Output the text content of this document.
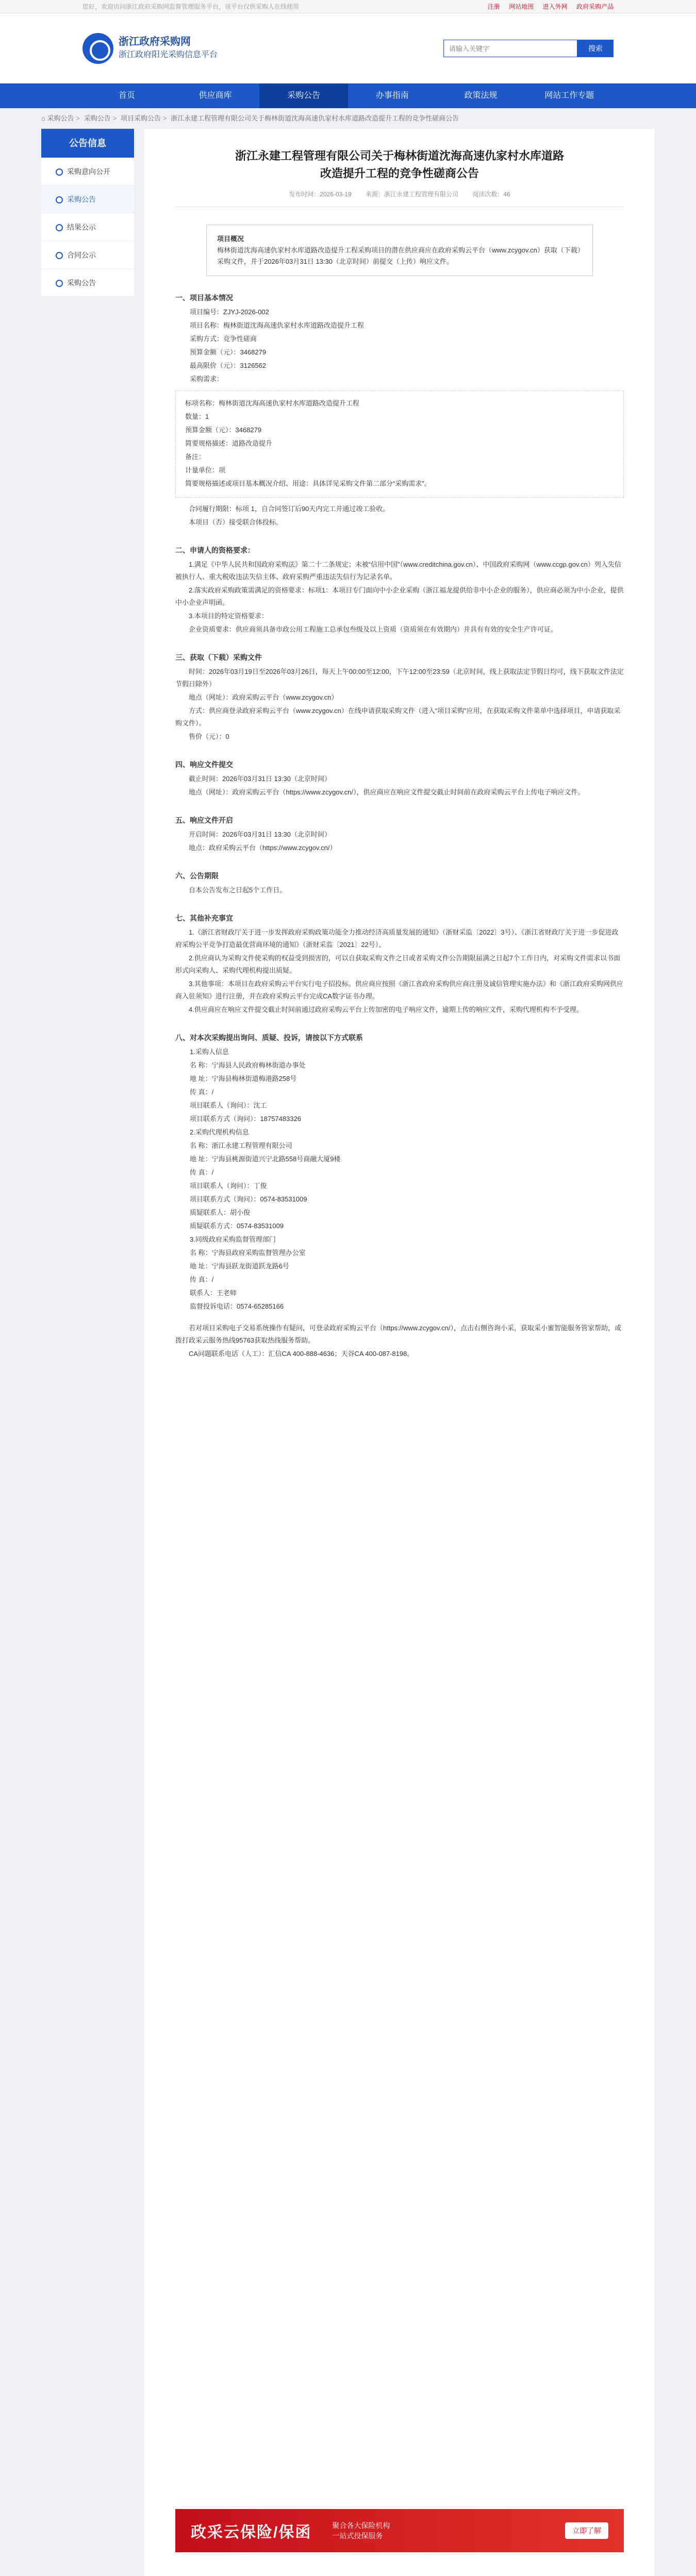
您好，欢迎访问浙江政府采购网监督管理服务平台，该平台仅供采购人在线使用	注册 网站地图 进入外网 政府采购产品
浙江政府采购网
浙江政府阳光采购信息平台
请输入关键字
搜索
首页	供应商库	采购公告	办事指南	政策法规	网站工作专题
⌂ 采购公告 > 采购公告 > 项目采购公告 > 浙江永建工程管理有限公司关于梅林街道沈海高速仇家村水库道路改造提升工程的竞争性磋商公告
公告信息
采购意向公开
采购公告
结果公示
合同公示
采购公告
浙江永建工程管理有限公司关于梅林街道沈海高速仇家村水库道路改造提升工程的竞争性磋商公告
发布时间：2026-03-19 来源：浙江永建工程管理有限公司 阅读次数：46
项目概况
梅林街道沈海高速仇家村水库道路改造提升工程采购项目的潜在供应商应在政府采购云平台（www.zcygov.cn）获取（下载）采购文件，并于2026年03月31日 13:30（北京时间）前提交（上传）响应文件。
一、项目基本情况

项目编号：ZJYJ-2026-002

项目名称：梅林街道沈海高速仇家村水库道路改造提升工程

采购方式：竞争性磋商

预算金额（元）：3468279

最高限价（元）：3126562

采购需求：

标项名称：梅林街道沈海高速仇家村水库道路改造提升工程

数量：1

预算金额（元）：3468279

简要规格描述：道路改造提升

备注：

计量单位：项

简要规格描述或项目基本概况介绍、用途：具体详见采购文件第二部分“采购需求”。

合同履行期限：标项 1，自合同签订后90天内完工并通过竣工验收。

本项目（否）接受联合体投标。

二、申请人的资格要求：

1.满足《中华人民共和国政府采购法》第二十二条规定；未被“信用中国”（www.creditchina.gov.cn）、中国政府采购网（www.ccgp.gov.cn）列入失信被执行人、重大税收违法失信主体、政府采购严重违法失信行为记录名单。

2.落实政府采购政策需满足的资格要求：标项1：本项目专门面向中小企业采购（浙江福龙提供给非中小企业的服务），供应商必须为中小企业，提供中小企业声明函。

3.本项目的特定资格要求：

企业资质要求：供应商须具备市政公用工程施工总承包叁级及以上资质（资质须在有效期内）并具有有效的安全生产许可证。

三、获取（下载）采购文件

时间：2026年03月19日至2026年03月26日，每天上午00:00至12:00，下午12:00至23:59（北京时间，线上获取法定节假日均可，线下获取文件法定节假日除外）

地点（网址）：政府采购云平台（www.zcygov.cn）

方式：供应商登录政府采购云平台（www.zcygov.cn）在线申请获取采购文件（进入“项目采购”应用，在获取采购文件菜单中选择项目，申请获取采购文件）。

售价（元）：0

四、响应文件提交

截止时间：2026年03月31日 13:30（北京时间）

地点（网址）：政府采购云平台（https://www.zcygov.cn/），供应商应在响应文件提交截止时间前在政府采购云平台上传电子响应文件。

五、响应文件开启

开启时间：2026年03月31日 13:30（北京时间）

地点：政府采购云平台（https://www.zcygov.cn/）

六、公告期限

自本公告发布之日起5个工作日。

七、其他补充事宜

1.《浙江省财政厅关于进一步发挥政府采购政策功能全力推动经济高质量发展的通知》（浙财采监〔2022〕3号）、《浙江省财政厅关于进一步促进政府采购公平竞争打造最优营商环境的通知》（浙财采监〔2021〕22号）。

2.供应商认为采购文件使采购的权益受到损害的，可以自获取采购文件之日或者采购文件公告期限届满之日起7个工作日内，对采购文件需求以书面形式向采购人、采购代理机构提出质疑。

3.其他事项：本项目在政府采购云平台实行电子招投标。供应商应按照《浙江省政府采购供应商注册及诚信管理实施办法》和《浙江政府采购网供应商入驻须知》进行注册，并在政府采购云平台完成CA数字证书办理。

4.供应商应在响应文件提交截止时间前通过政府采购云平台上传加密的电子响应文件，逾期上传的响应文件，采购代理机构不予受理。

八、对本次采购提出询问、质疑、投诉，请按以下方式联系

1.采购人信息

名 称：宁海县人民政府梅林街道办事处

地 址：宁海县梅林街道梅港路258号

传 真：/

项目联系人（询问）：沈工

项目联系方式（询问）：18757483326

2.采购代理机构信息

名 称：浙江永建工程管理有限公司

地 址：宁海县桃源街道兴宁北路558号商融大厦9楼

传 真：/

项目联系人（询问）：丁俊

项目联系方式（询问）：0574-83531009

质疑联系人：胡小俊

质疑联系方式：0574-83531009

3.同级政府采购监督管理部门

名 称：宁海县政府采购监督管理办公室

地 址：宁海县跃龙街道跃龙路6号

传 真：/

联系人：王老师

监督投诉电话：0574-65285166

若对项目采购电子交易系统操作有疑问，可登录政府采购云平台（https://www.zcygov.cn/），点击右侧咨询小采，获取采小蜜智能服务管家帮助，或拨打政采云服务热线95763获取热线服务帮助。

CA问题联系电话（人工）：汇信CA 400-888-4636；天谷CA 400-087-8198。

政采云保险/保函	聚合各大保险机构
一站式投保服务
立即了解
